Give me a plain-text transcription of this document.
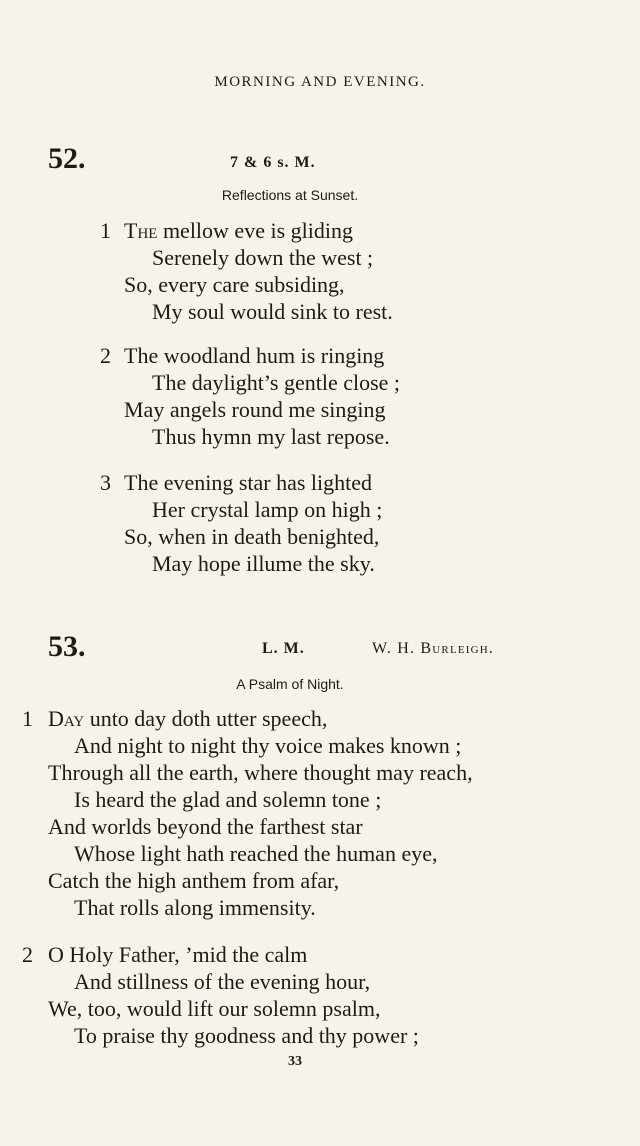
MORNING AND EVENING.
52.	7 & 6 s. M.
Reflections at Sunset.
1 The mellow eve is gliding
Serenely down the west ;
So, every care subsiding,
My soul would sink to rest.
2 The woodland hum is ringing
The daylight’s gentle close ;
May angels round me singing
Thus hymn my last repose.
3 The evening star has lighted
Her crystal lamp on high ;
So, when in death benighted,
May hope illume the sky.
53.	L. M.	W. H. Burleigh.
A Psalm of Night.
1 Day unto day doth utter speech,
And night to night thy voice makes known ;
Through all the earth, where thought may reach,
Is heard the glad and solemn tone ;
And worlds beyond the farthest star
Whose light hath reached the human eye,
Catch the high anthem from afar,
That rolls along immensity.
2 O Holy Father, ’mid the calm
And stillness of the evening hour,
We, too, would lift our solemn psalm,
To praise thy goodness and thy power ;
33
